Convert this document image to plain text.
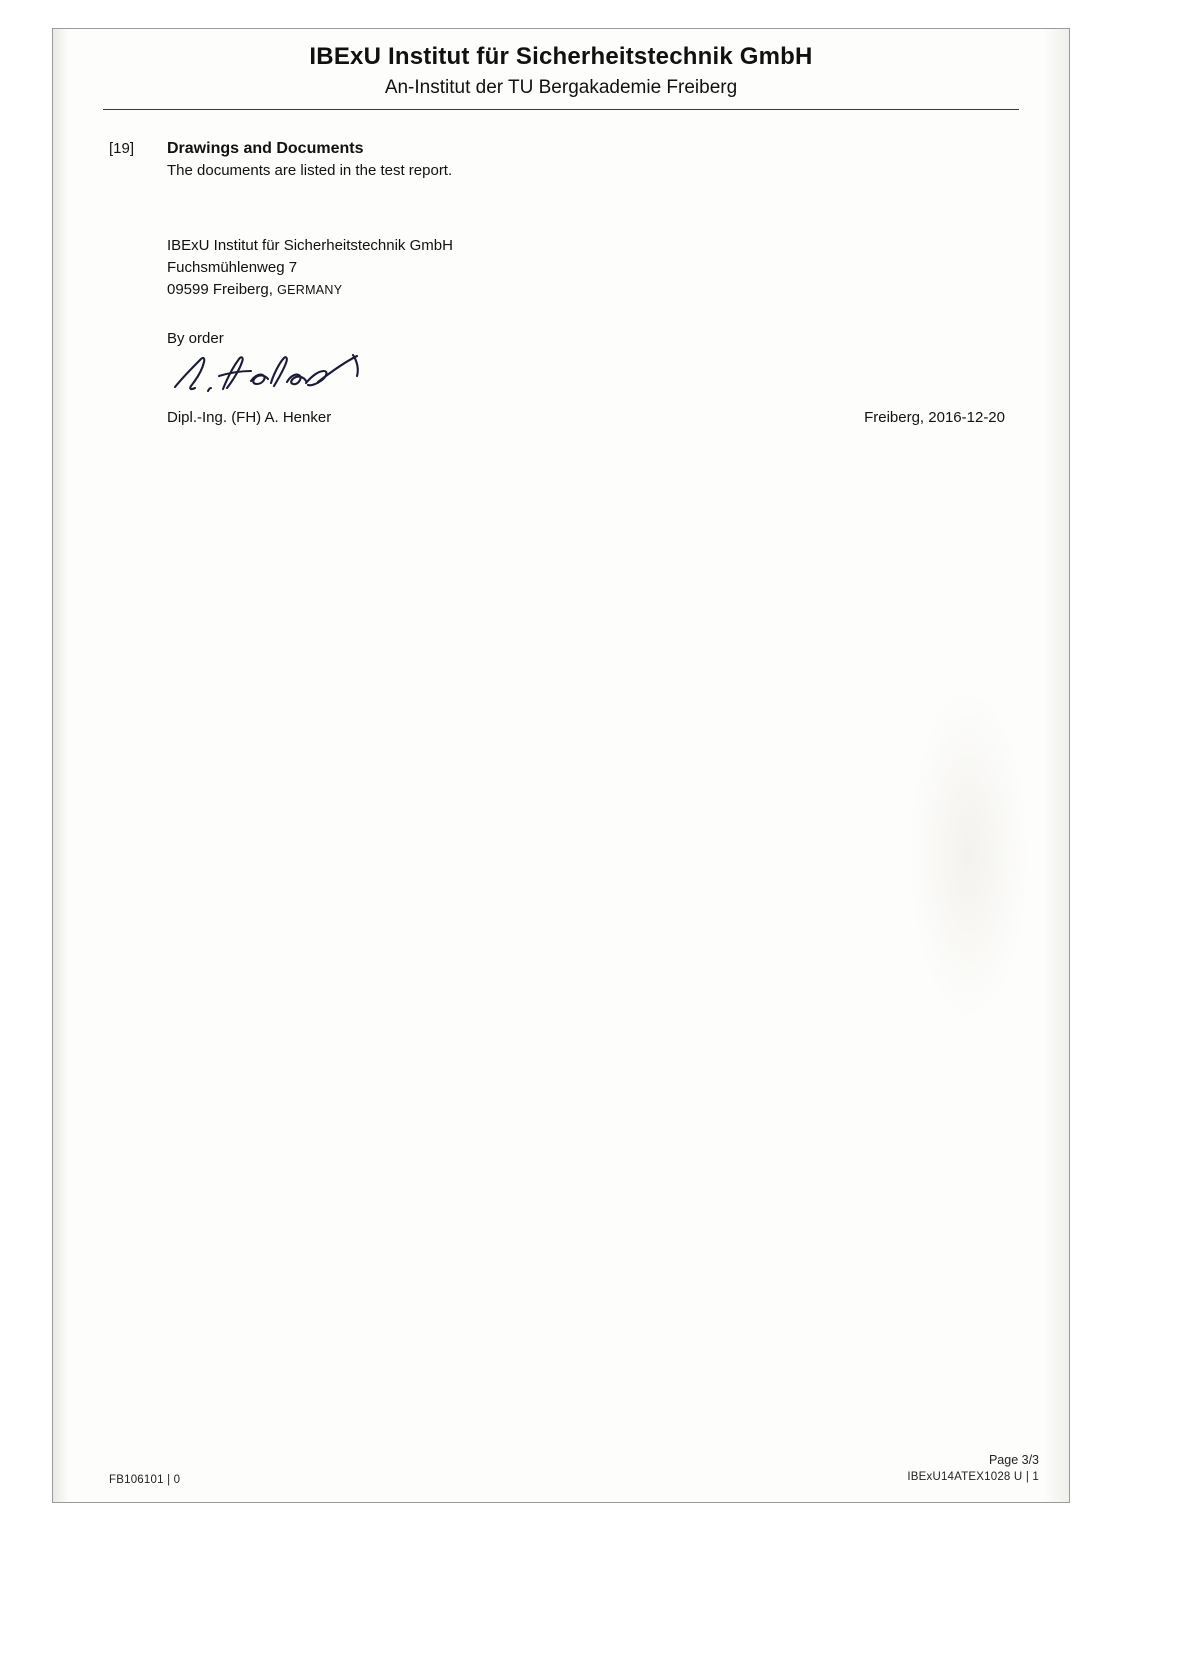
IBExU Institut für Sicherheitstechnik GmbH
An-Institut der TU Bergakademie Freiberg
[19]	Drawings and Documents
The documents are listed in the test report.
IBExU Institut für Sicherheitstechnik GmbH
Fuchsmühlenweg 7
09599 Freiberg, GERMANY
By order
Dipl.-Ing. (FH) A. Henker	Freiberg, 2016-12-20
FB106101 | 0
Page 3/3
IBExU14ATEX1028 U | 1
